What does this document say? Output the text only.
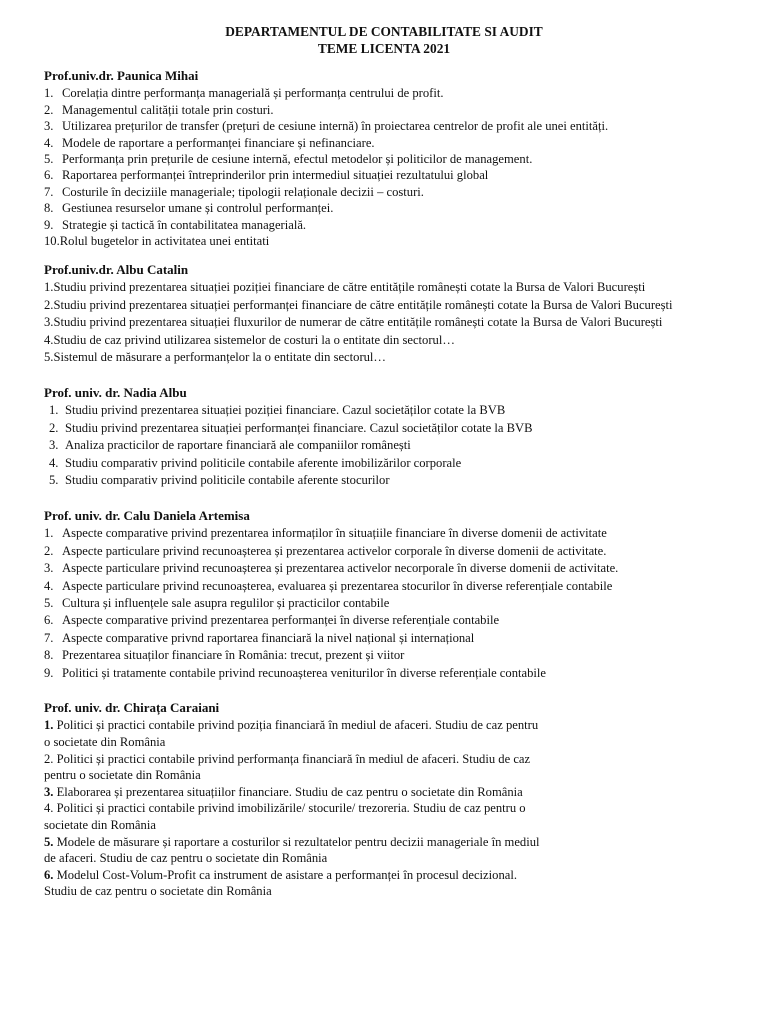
DEPARTAMENTUL DE CONTABILITATE SI AUDIT
TEME LICENTA 2021
Prof.univ.dr. Paunica Mihai
1. Corelația dintre performanța managerială și performanța centrului de profit.
2. Managementul calității totale prin costuri.
3. Utilizarea prețurilor de transfer (prețuri de cesiune internă) în proiectarea centrelor de profit ale unei entități.
4. Modele de raportare a performanței financiare și nefinanciare.
5. Performanța prin prețurile de cesiune internă, efectul metodelor și politicilor de management.
6. Raportarea performanței întreprinderilor prin intermediul situației rezultatului global
7. Costurile în deciziile manageriale; tipologii relaționale decizii – costuri.
8. Gestiunea resurselor umane și controlul performanței.
9. Strategie și tactică în contabilitatea managerială.
10. Rolul bugetelor in activitatea unei entitati
Prof.univ.dr. Albu Catalin
1. Studiu privind prezentarea situației poziției financiare de către entitățile românești cotate la Bursa de Valori București
2. Studiu privind prezentarea situației performanței financiare de către entitățile românești cotate la Bursa de Valori București
3. Studiu privind prezentarea situației fluxurilor de numerar de către entitățile românești cotate la Bursa de Valori București
4. Studiu de caz privind utilizarea sistemelor de costuri la o entitate din sectorul…
5. Sistemul de măsurare a performanțelor la o entitate din sectorul…
Prof. univ. dr. Nadia Albu
1. Studiu privind prezentarea situației poziției financiare. Cazul societăților cotate la BVB
2. Studiu privind prezentarea situației performanței financiare. Cazul societăților cotate la BVB
3. Analiza practicilor de raportare financiară ale companiilor românești
4. Studiu comparativ privind politicile contabile aferente imobilizărilor corporale
5. Studiu comparativ privind politicile contabile aferente stocurilor
Prof. univ. dr. Calu Daniela Artemisa
1. Aspecte comparative privind prezentarea informaților în situațiile financiare în diverse domenii de activitate
2. Aspecte particulare privind recunoașterea și prezentarea activelor corporale în diverse domenii de activitate.
3. Aspecte particulare privind recunoașterea și prezentarea activelor necorporale în diverse domenii de activitate.
4. Aspecte particulare privind recunoașterea, evaluarea și prezentarea stocurilor în diverse referențiale contabile
5. Cultura și influențele sale asupra regulilor și practicilor contabile
6. Aspecte comparative privind prezentarea performanței în diverse referențiale contabile
7. Aspecte comparative privnd raportarea financiară la nivel național și internațional
8. Prezentarea situaților financiare în România: trecut, prezent și viitor
9. Politici și tratamente contabile privind recunoașterea veniturilor în diverse referențiale contabile
Prof. univ. dr. Chirața Caraiani
1. Politici și practici contabile privind poziția financiară în mediul de afaceri. Studiu de caz pentru o societate din România
2. Politici și practici contabile privind performanța financiară în mediul de afaceri. Studiu de caz pentru o societate din România
3. Elaborarea și prezentarea situațiilor financiare. Studiu de caz pentru o societate din România
4. Politici și practici contabile privind imobilizările/ stocurile/ trezoreria. Studiu de caz pentru o societate din România
5. Modele de măsurare și raportare a costurilor si rezultatelor pentru decizii manageriale în mediul de afaceri. Studiu de caz pentru o societate din România
6. Modelul Cost-Volum-Profit ca instrument de asistare a performanței în procesul decizional. Studiu de caz pentru o societate din România
